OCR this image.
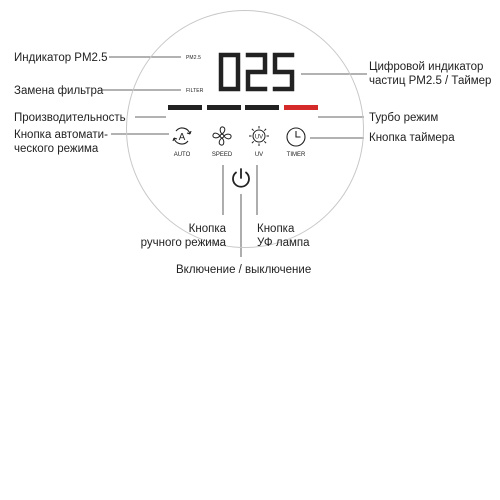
PM2.5
FILTER
A
AUTO	SPEED
UV
UV	TIMER
Индикатор PM2.5
Замена фильтра
Производительность
Кнопка автомати-
ческого режима
Цифровой индикатор
частиц PM2.5 / Таймер
Турбо режим
Кнопка таймера
Кнопка
ручного режима
Кнопка
УФ лампа
Включение / выключение
